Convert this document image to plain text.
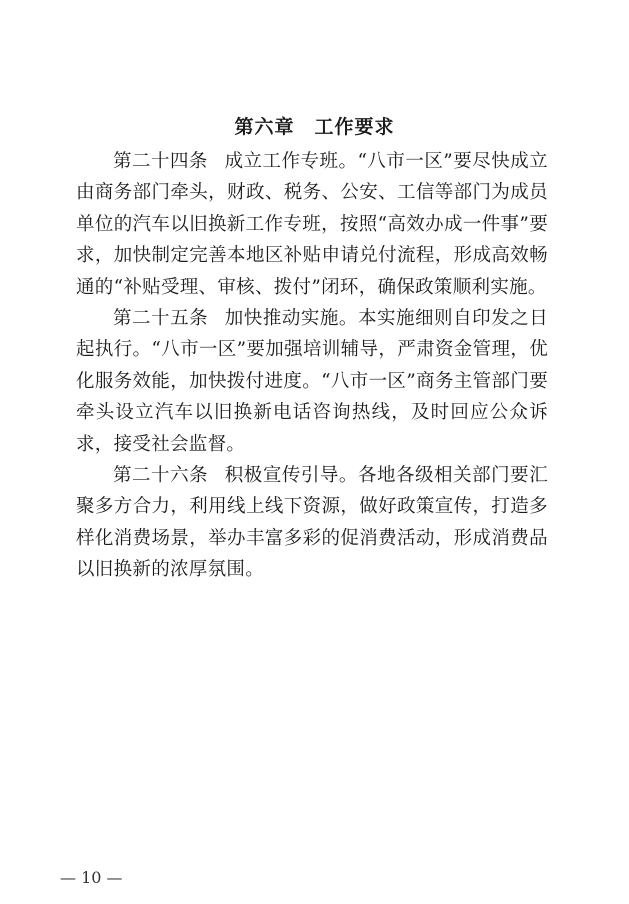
第六章　工作要求

第二十四条 成立工作专班。“八市一区”要尽快成立由商务部门牵头，财政、税务、公安、工信等部门为成员单位的汽车以旧换新工作专班，按照“高效办成一件事”要求，加快制定完善本地区补贴申请兑付流程，形成高效畅通的“补贴受理、审核、拨付”闭环，确保政策顺利实施。

第二十五条 加快推动实施。本实施细则自印发之日起执行。“八市一区”要加强培训辅导，严肃资金管理，优化服务效能，加快拨付进度。“八市一区”商务主管部门要牵头设立汽车以旧换新电话咨询热线，及时回应公众诉求，接受社会监督。

第二十六条 积极宣传引导。各地各级相关部门要汇聚多方合力，利用线上线下资源，做好政策宣传，打造多样化消费场景，举办丰富多彩的促消费活动，形成消费品以旧换新的浓厚氛围。

— 10 —
